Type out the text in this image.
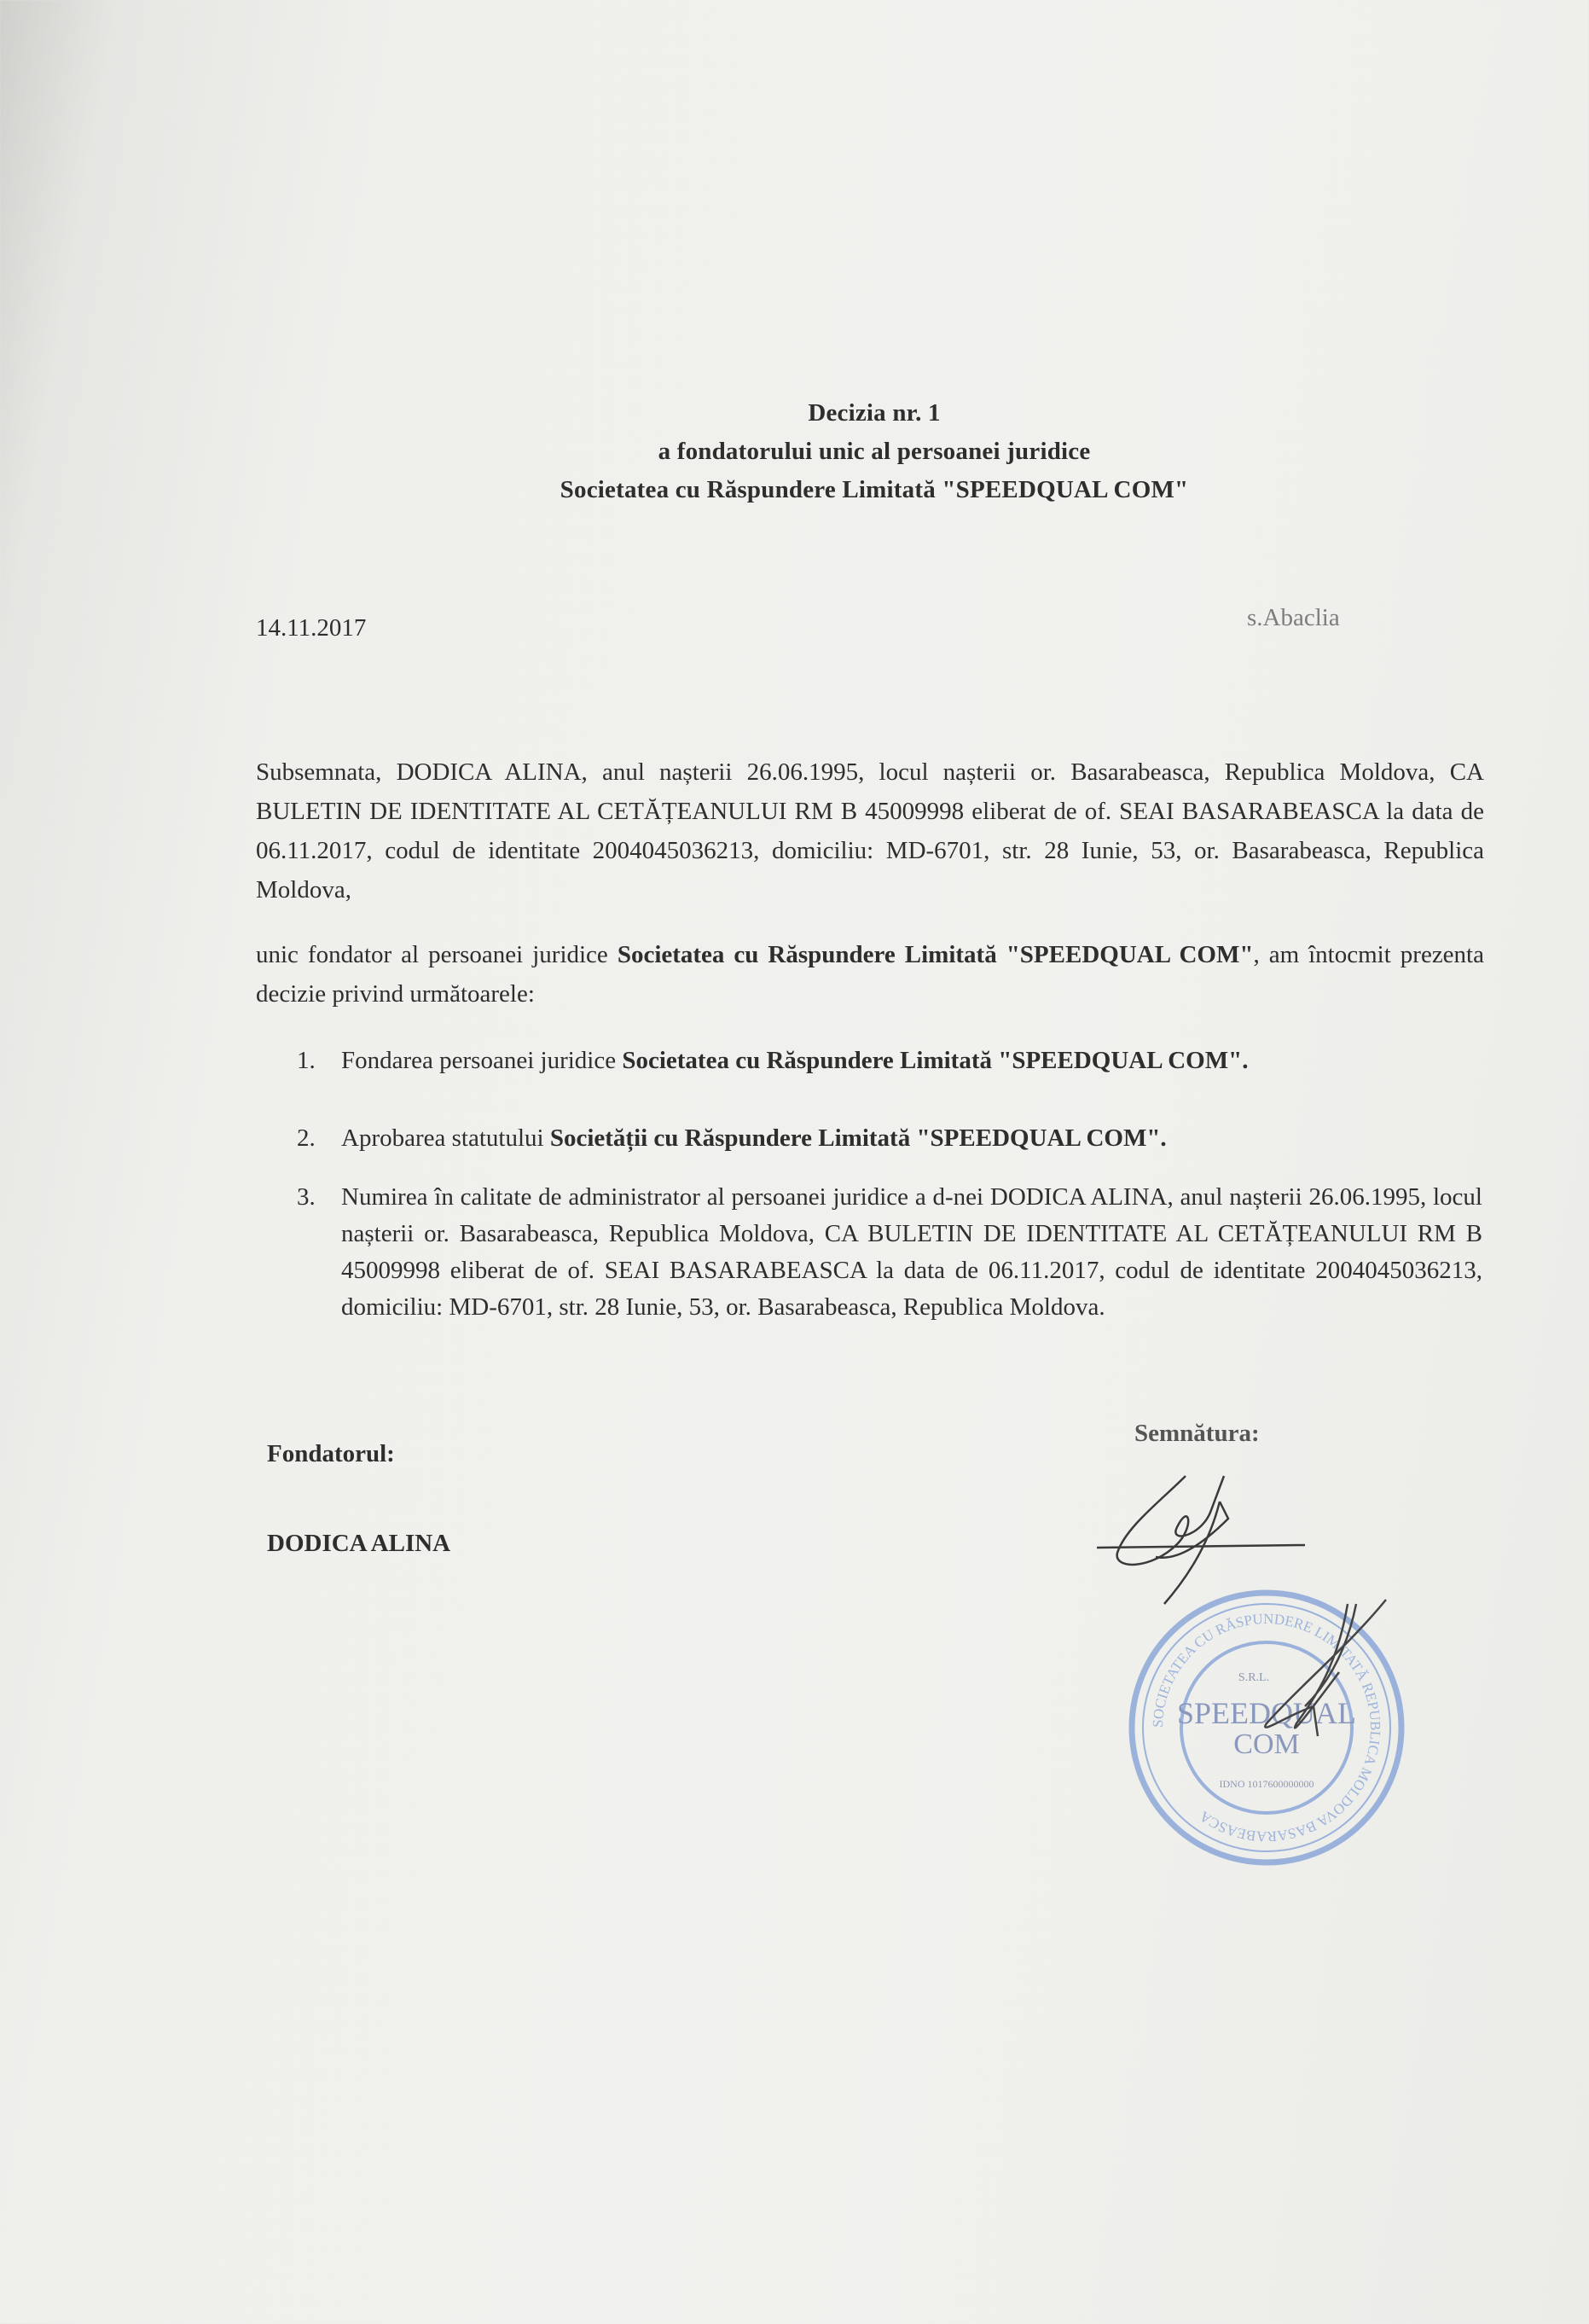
Decizia nr. 1
a fondatorului unic al persoanei juridice
Societatea cu Răspundere Limitată "SPEEDQUAL COM"
14.11.2017	s.Abaclia
Subsemnata, DODICA ALINA, anul nașterii 26.06.1995, locul nașterii or. Basarabeasca, Republica Moldova, CA BULETIN DE IDENTITATE AL CETĂȚEANULUI RM B 45009998 eliberat de of. SEAI BASARABEASCA la data de 06.11.2017, codul de identitate 2004045036213, domiciliu: MD-6701, str. 28 Iunie, 53, or. Basarabeasca, Republica Moldova,
unic fondator al persoanei juridice Societatea cu Răspundere Limitată "SPEEDQUAL COM", am întocmit prezenta decizie privind următoarele:
1. Fondarea persoanei juridice Societatea cu Răspundere Limitată "SPEEDQUAL COM".
2. Aprobarea statutului Societății cu Răspundere Limitată "SPEEDQUAL COM".
3. Numirea în calitate de administrator al persoanei juridice a d-nei DODICA ALINA, anul nașterii 26.06.1995, locul nașterii or. Basarabeasca, Republica Moldova, CA BULETIN DE IDENTITATE AL CETĂȚEANULUI RM B 45009998 eliberat de of. SEAI BASARABEASCA la data de 06.11.2017, codul de identitate 2004045036213, domiciliu: MD-6701, str. 28 Iunie, 53, or. Basarabeasca, Republica Moldova.
Fondatorul:
DODICA ALINA
Semnătura:
SOCIETATEA CU RĂSPUNDERE LIMITATĂ REPUBLICA MOLDOVA BASARABEASCA
S.R.L.
SPEEDQUAL
COM
IDNO 1017600000000
